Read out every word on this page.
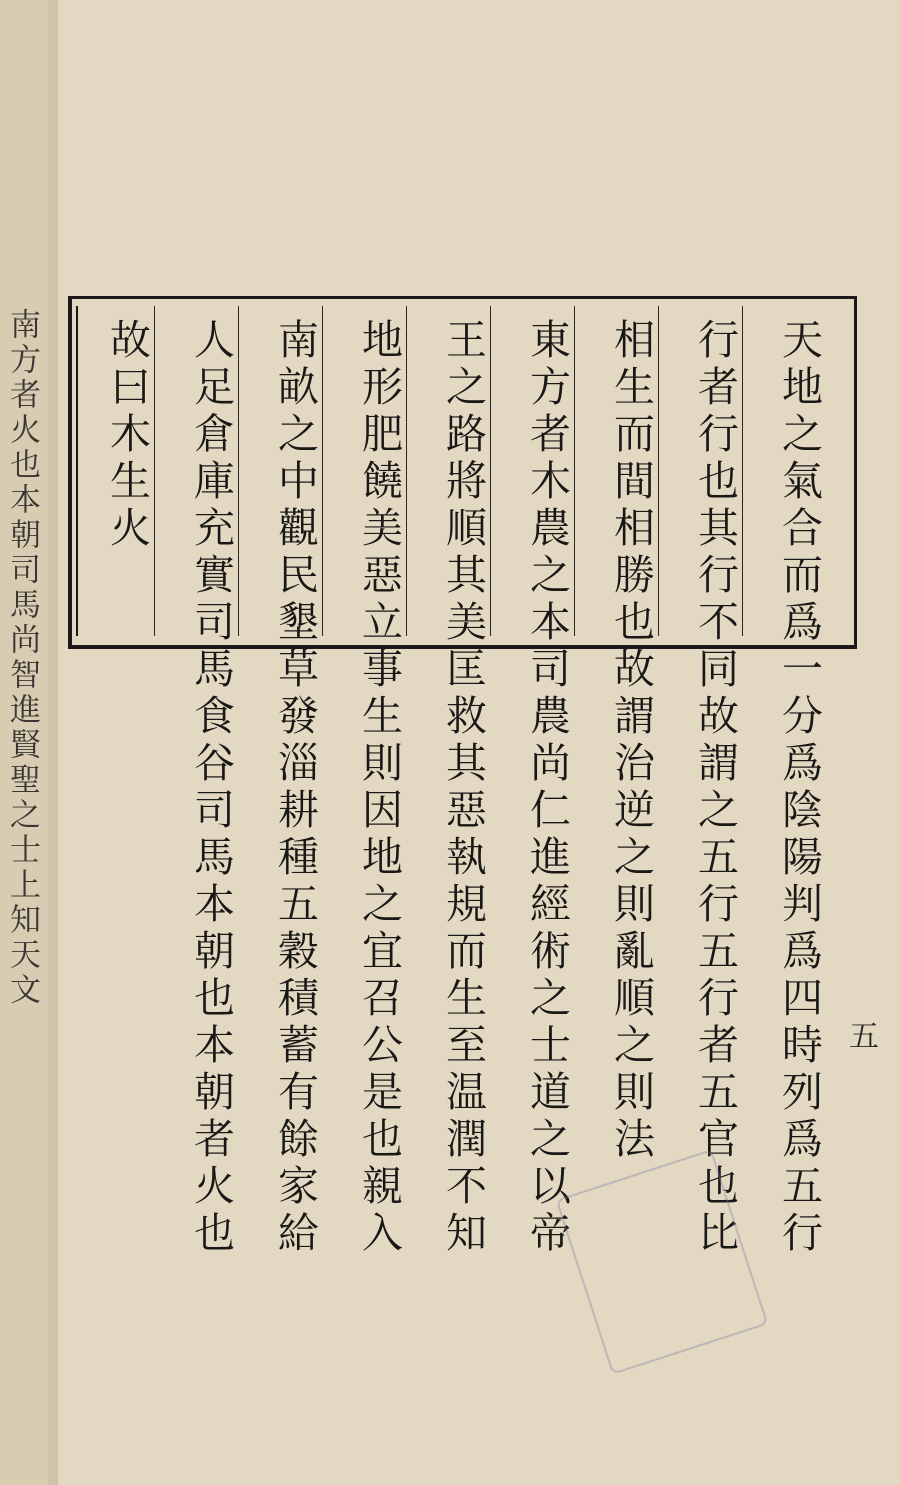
南方者火也本朝司馬尚智進賢聖之士上知天文	天地之氣合而爲一分爲陰陽判爲四時列爲五行
行者行也其行不同故謂之五行五行者五官也比
相生而間相勝也故謂治逆之則亂順之則法
東方者木農之本司農尚仁進經術之士道之以帝
王之路將順其美匡救其惡執規而生至温潤不知
地形肥饒美惡立事生則因地之宜召公是也親入
南畝之中觀民墾草發淄耕種五穀積蓄有餘家給
人足倉庫充實司馬食谷司馬本朝也本朝者火也
故曰木生火
五
